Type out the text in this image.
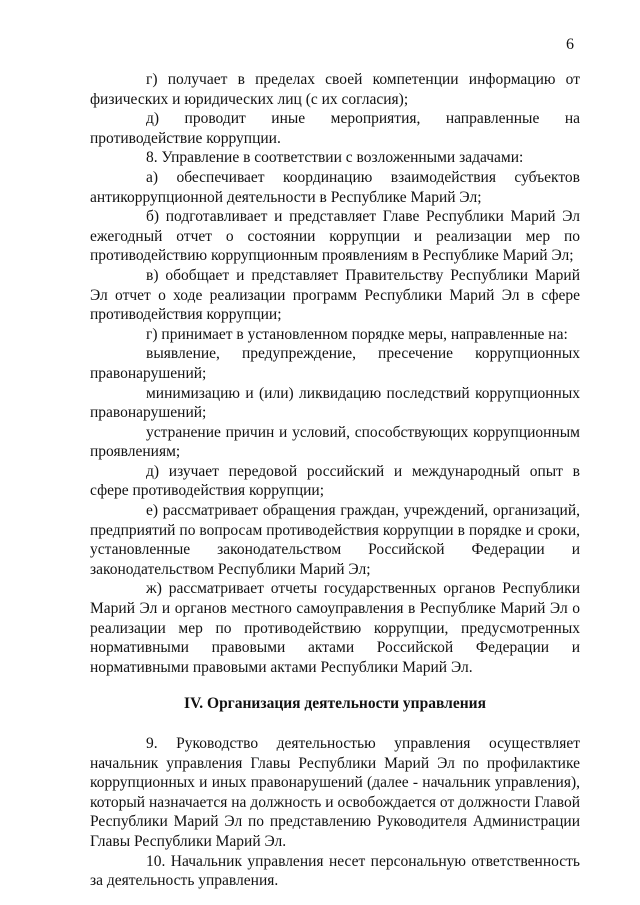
6

г) получает в пределах своей компетенции информацию от физических и юридических лиц (с их согласия);

д) проводит иные мероприятия, направленные на противодействие коррупции.

8. Управление в соответствии с возложенными задачами:

а) обеспечивает координацию взаимодействия субъектов антикоррупционной деятельности в Республике Марий Эл;

б) подготавливает и представляет Главе Республики Марий Эл ежегодный отчет о состоянии коррупции и реализации мер по противодействию коррупционным проявлениям в Республике Марий Эл;

в) обобщает и представляет Правительству Республики Марий Эл отчет о ходе реализации программ Республики Марий Эл в сфере противодействия коррупции;

г) принимает в установленном порядке меры, направленные на:

выявление, предупреждение, пресечение коррупционных правонарушений;

минимизацию и (или) ликвидацию последствий коррупционных правонарушений;

устранение причин и условий, способствующих коррупционным проявлениям;

д) изучает передовой российский и международный опыт в сфере противодействия коррупции;

е) рассматривает обращения граждан, учреждений, организаций, предприятий по вопросам противодействия коррупции в порядке и сроки, установленные законодательством Российской Федерации и законодательством Республики Марий Эл;

ж) рассматривает отчеты государственных органов Республики Марий Эл и органов местного самоуправления в Республике Марий Эл о реализации мер по противодействию коррупции, предусмотренных нормативными правовыми актами Российской Федерации и нормативными правовыми актами Республики Марий Эл.

IV. Организация деятельности управления

9. Руководство деятельностью управления осуществляет начальник управления Главы Республики Марий Эл по профилактике коррупционных и иных правонарушений (далее - начальник управления), который назначается на должность и освобождается от должности Главой Республики Марий Эл по представлению Руководителя Администрации Главы Республики Марий Эл.

10. Начальник управления несет персональную ответственность за деятельность управления.
